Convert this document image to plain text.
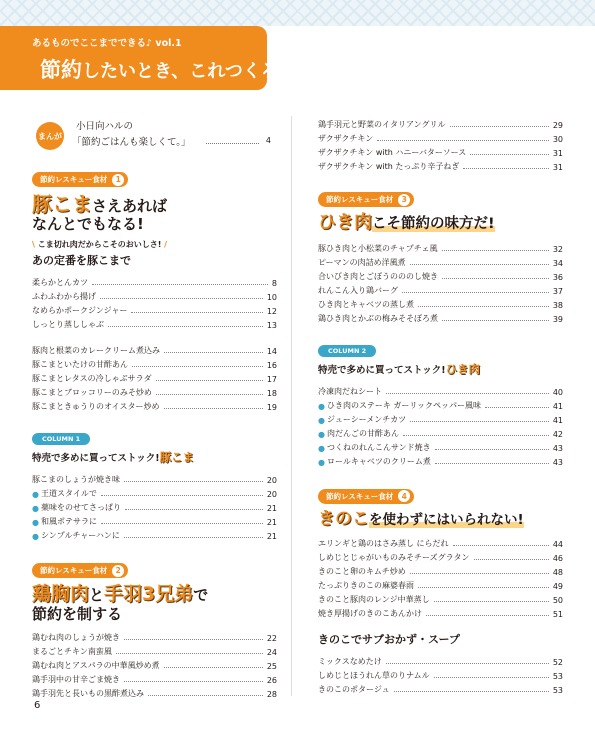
あるものでここまでできる♪ vol.1
節約したいとき、これつくろ!
まんが
小日向ハルの
「節約ごはんも楽しくて。」	4
節約レスキュー食材	1
豚こまさえあれば
なんとでもなる!
\ こま切れ肉だからこそのおいしさ! /
あの定番を豚こまで
柔らかとんカツ	8
ふわふわから揚げ	10
なめらかポークジンジャー	12
しっとり蒸ししゃぶ	13
豚肉と根菜のカレークリーム煮込み	14
豚こまといたけの甘酢あん	16
豚こまとレタスの冷しゃぶサラダ	17
豚こまとブロッコリーのみそ炒め	18
豚こまときゅうりのオイスター炒め	19
COLUMN 1
特売で多めに買ってストック!豚こま
豚こまのしょうが焼き味	20
● 王道スタイルで	20
● 薬味をのせてさっぱり	21
● 和風ポテサラに	21
● シンプルチャーハンに	21
節約レスキュー食材	2
鶏胸肉と手羽3兄弟で
節約を制する
鶏むね肉のしょうが焼き	22
まるごとチキン南蛮風	24
鶏むね肉とアスパラの中華風炒め煮	25
鶏手羽中の甘辛ごま焼き	26
鶏手羽先と長いもの黒酢煮込み	28
鶏手羽元と野菜のイタリアングリル	29
ザクザクチキン	30
ザクザクチキン with ハニーバターソース	31
ザクザクチキン with たっぷり辛子ねぎ	31
節約レスキュー食材	3
ひき肉こそ節約の味方だ!
豚ひき肉と小松菜のチャプチェ風	32
ピーマンの肉詰め洋風煮	34
合いびき肉とごぼうのののし焼き	36
れんこん入り鶏バーグ	37
ひき肉とキャベツの蒸し煮	38
鶏ひき肉とかぶの梅みそそぼろ煮	39
COLUMN 2
特売で多めに買ってストック!ひき肉
冷凍肉だねシート	40
● ひき肉のステーキ ガーリックペッパー風味	41
● ジューシーメンチカツ	41
● 肉だんごの甘酢あん	42
● つくねのれんこんサンド焼き	43
● ロールキャベツのクリーム煮	43
節約レスキュー食材	4
きのこを使わずにはいられない!
エリンギと鶏のはさみ蒸し にらだれ	44
しめじとじゃがいものみそチーズグラタン	46
きのこと卵のキムチ炒め	48
たっぷりきのこの麻婆春雨	49
きのこと豚肉のレンジ中華蒸し	50
焼き厚揚げのきのこあんかけ	51
きのこでサブおかず・スープ
ミックスなめたけ	52
しめじとほうれん草のりナムル	53
きのこのポタージュ	53
6
